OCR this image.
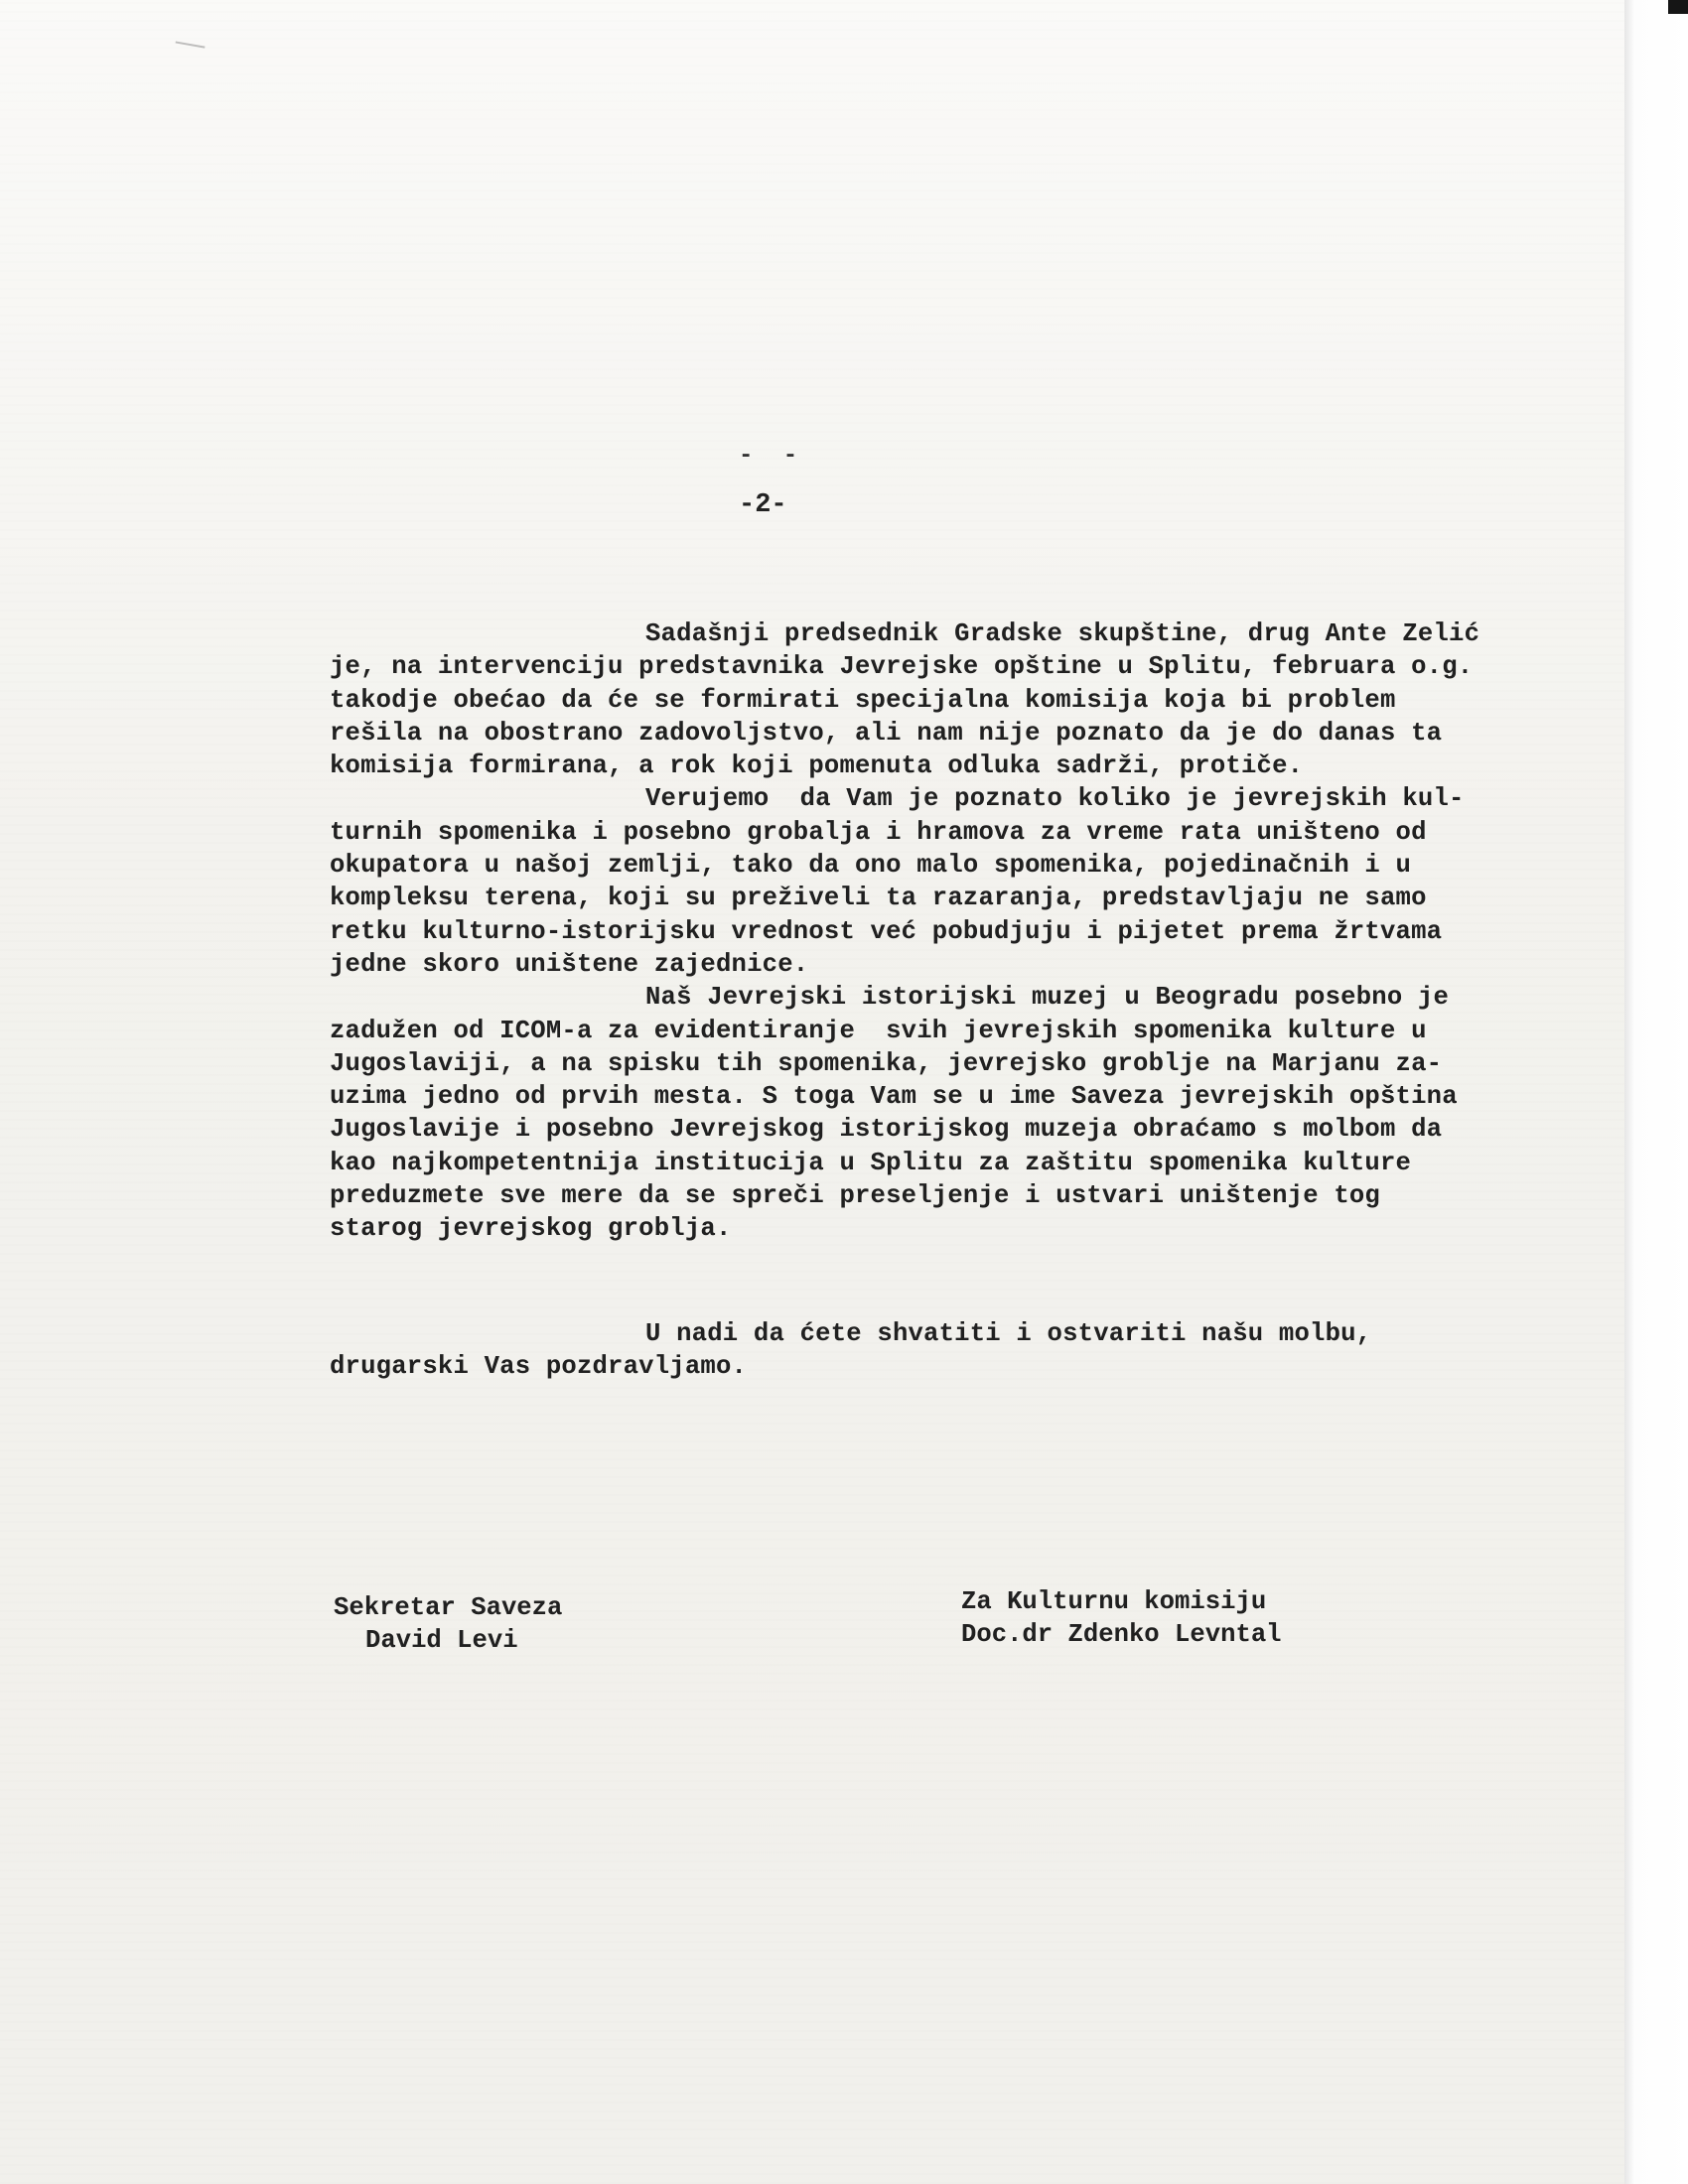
- -
-2-
Sadašnji predsednik Gradske skupštine, drug Ante Zelić
je, na intervenciju predstavnika Jevrejske opštine u Splitu, februara o.g.
takodje obećao da će se formirati specijalna komisija koja bi problem
rešila na obostrano zadovoljstvo, ali nam nije poznato da je do danas ta
komisija formirana, a rok koji pomenuta odluka sadrži, protiče.
Verujemo  da Vam je poznato koliko je jevrejskih kul-
turnih spomenika i posebno grobalja i hramova za vreme rata uništeno od
okupatora u našoj zemlji, tako da ono malo spomenika, pojedinačnih i u
kompleksu terena, koji su preživeli ta razaranja, predstavljaju ne samo
retku kulturno-istorijsku vrednost već pobudjuju i pijetet prema žrtvama
jedne skoro uništene zajednice.
Naš Jevrejski istorijski muzej u Beogradu posebno je
zadužen od ICOM-a za evidentiranje  svih jevrejskih spomenika kulture u
Jugoslaviji, a na spisku tih spomenika, jevrejsko groblje na Marjanu za-
uzima jedno od prvih mesta. S toga Vam se u ime Saveza jevrejskih opština
Jugoslavije i posebno Jevrejskog istorijskog muzeja obraćamo s molbom da
kao najkompetentnija institucija u Splitu za zaštitu spomenika kulture
preduzmete sve mere da se spreči preseljenje i ustvari uništenje tog
starog jevrejskog groblja.
U nadi da ćete shvatiti i ostvariti našu molbu,
drugarski Vas pozdravljamo.
Sekretar Saveza
David Levi
Za Kulturnu komisiju
Doc.dr Zdenko Levntal
